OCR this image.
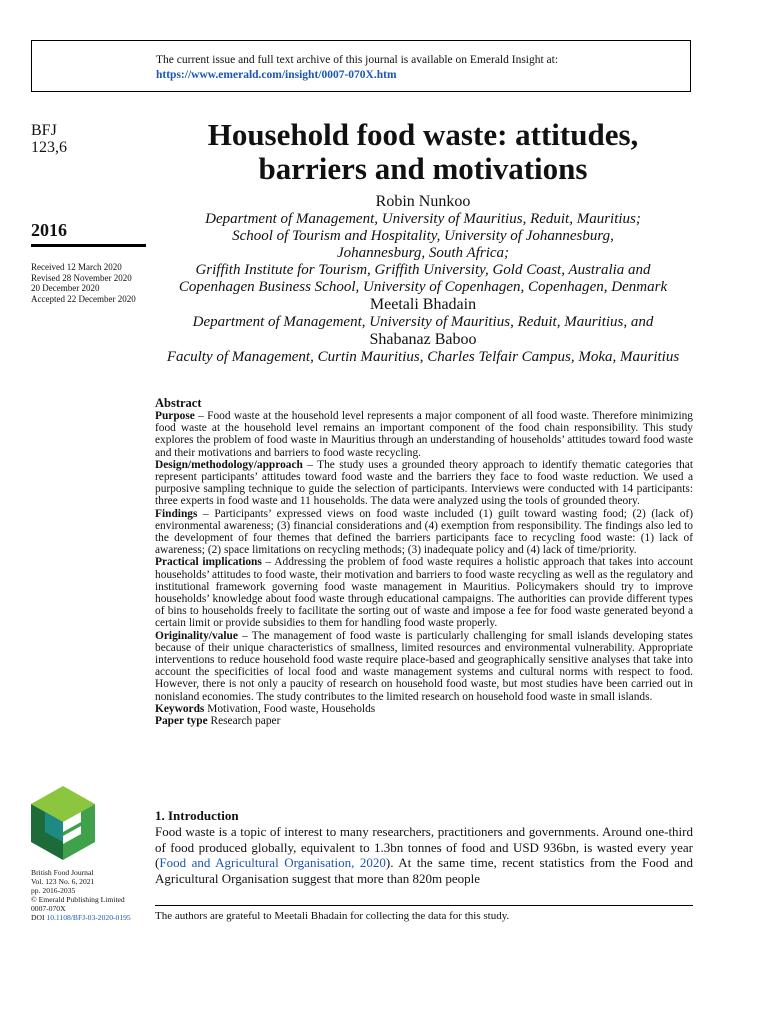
The current issue and full text archive of this journal is available on Emerald Insight at:
https://www.emerald.com/insight/0007-070X.htm
BFJ
123,6
2016
Received 12 March 2020
Revised 28 November 2020
20 December 2020
Accepted 22 December 2020
Household food waste: attitudes,
barriers and motivations
Robin Nunkoo
Department of Management, University of Mauritius, Reduit, Mauritius;
School of Tourism and Hospitality, University of Johannesburg,
Johannesburg, South Africa;
Griffith Institute for Tourism, Griffith University, Gold Coast, Australia and
Copenhagen Business School, University of Copenhagen, Copenhagen, Denmark
Meetali Bhadain
Department of Management, University of Mauritius, Reduit, Mauritius, and
Shabanaz Baboo
Faculty of Management, Curtin Mauritius, Charles Telfair Campus, Moka, Mauritius
Abstract

Purpose – Food waste at the household level represents a major component of all food waste. Therefore minimizing food waste at the household level remains an important component of the food chain responsibility. This study explores the problem of food waste in Mauritius through an understanding of households’ attitudes toward food waste and their motivations and barriers to food waste recycling.

Design/methodology/approach – The study uses a grounded theory approach to identify thematic categories that represent participants’ attitudes toward food waste and the barriers they face to food waste reduction. We used a purposive sampling technique to guide the selection of participants. Interviews were conducted with 14 participants: three experts in food waste and 11 households. The data were analyzed using the tools of grounded theory.

Findings – Participants’ expressed views on food waste included (1) guilt toward wasting food; (2) (lack of) environmental awareness; (3) financial considerations and (4) exemption from responsibility. The findings also led to the development of four themes that defined the barriers participants face to recycling food waste: (1) lack of awareness; (2) space limitations on recycling methods; (3) inadequate policy and (4) lack of time/priority.

Practical implications – Addressing the problem of food waste requires a holistic approach that takes into account households’ attitudes to food waste, their motivation and barriers to food waste recycling as well as the regulatory and institutional framework governing food waste management in Mauritius. Policymakers should try to improve households’ knowledge about food waste through educational campaigns. The authorities can provide different types of bins to households freely to facilitate the sorting out of waste and impose a fee for food waste generated beyond a certain limit or provide subsidies to them for handling food waste properly.

Originality/value – The management of food waste is particularly challenging for small islands developing states because of their unique characteristics of smallness, limited resources and environmental vulnerability. Appropriate interventions to reduce household food waste require place-based and geographically sensitive analyses that take into account the specificities of local food and waste management systems and cultural norms with respect to food. However, there is not only a paucity of research on household food waste, but most studies have been carried out in nonisland economies. The study contributes to the limited research on household food waste in small islands.

Keywords Motivation, Food waste, Households

Paper type Research paper

British Food Journal
Vol. 123 No. 6, 2021
pp. 2016-2035
© Emerald Publishing Limited
0007-070X
DOI 10.1108/BFJ-03-2020-0195
1. Introduction
Food waste is a topic of interest to many researchers, practitioners and governments. Around one-third of food produced globally, equivalent to 1.3bn tonnes of food and USD 936bn, is wasted every year (Food and Agricultural Organisation, 2020). At the same time, recent statistics from the Food and Agricultural Organisation suggest that more than 820m people
The authors are grateful to Meetali Bhadain for collecting the data for this study.
